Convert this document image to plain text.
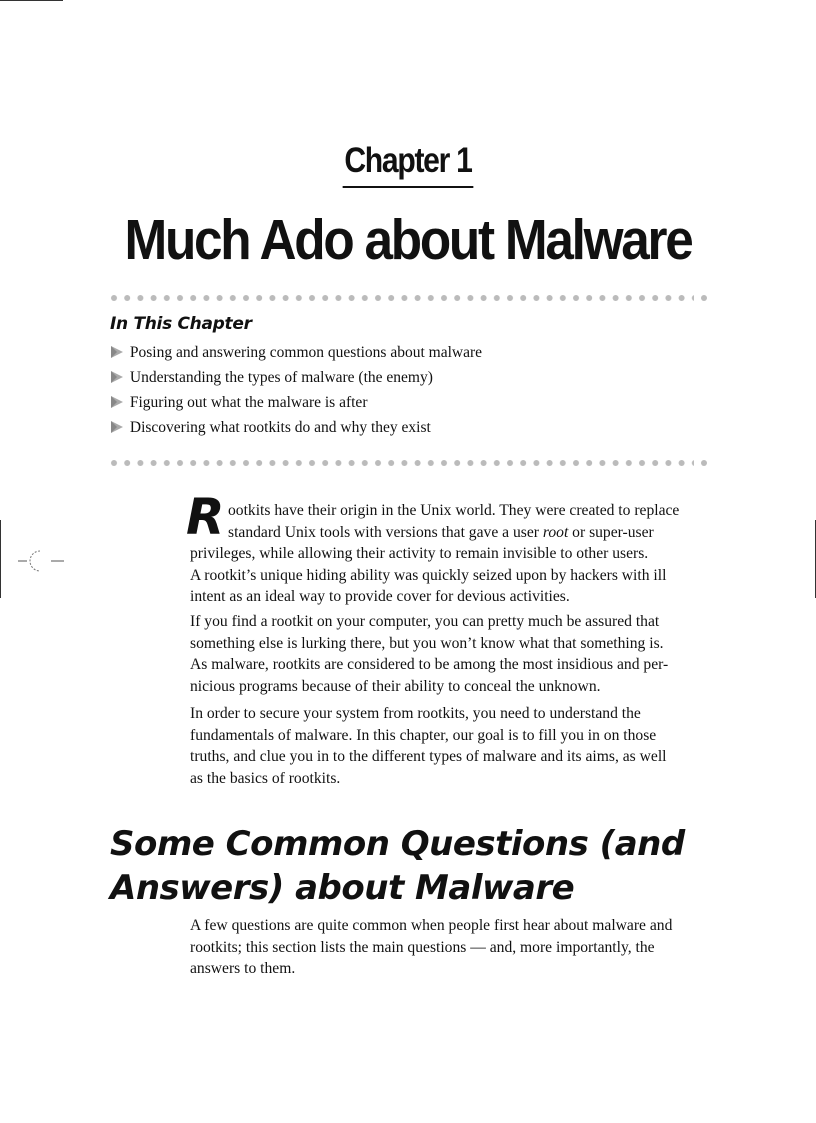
Chapter 1
Much Ado about Malware
In This Chapter
Posing and answering common questions about malware
Understanding the types of malware (the enemy)
Figuring out what the malware is after
Discovering what rootkits do and why they exist
R ootkits have their origin in the Unix world. They were created to replace
standard Unix tools with versions that gave a user root or super-user
privileges, while allowing their activity to remain invisible to other users.
A rootkit’s unique hiding ability was quickly seized upon by hackers with ill
intent as an ideal way to provide cover for devious activities.
If you find a rootkit on your computer, you can pretty much be assured that
something else is lurking there, but you won’t know what that something is.
As malware, rootkits are considered to be among the most insidious and per-
nicious programs because of their ability to conceal the unknown.
In order to secure your system from rootkits, you need to understand the
fundamentals of malware. In this chapter, our goal is to fill you in on those
truths, and clue you in to the different types of malware and its aims, as well
as the basics of rootkits.
Some Common Questions (and
Answers) about Malware
A few questions are quite common when people first hear about malware and
rootkits; this section lists the main questions — and, more importantly, the
answers to them.
